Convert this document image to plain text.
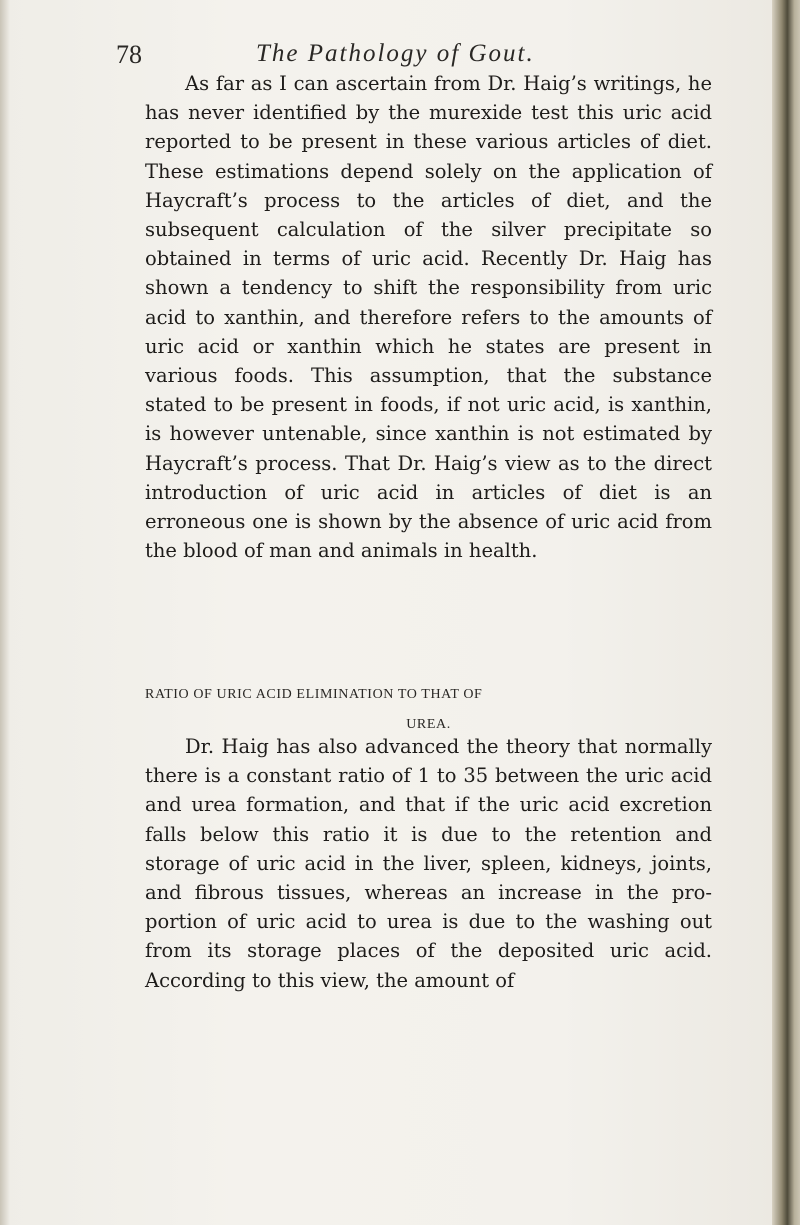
78	The Pathology of Gout.

As far as I can ascertain from Dr. Haig’s writings, he has never identified by the murexide test this uric acid reported to be present in these various articles of diet. These estimations depend solely on the application of Haycraft’s process to the articles of diet, and the subsequent calculation of the silver precipitate so obtained in terms of uric acid. Recently Dr. Haig has shown a tendency to shift the responsibility from uric acid to xanthin, and therefore refers to the amounts of uric acid or xanthin which he states are present in various foods. This assumption, that the substance stated to be present in foods, if not uric acid, is xanthin, is however untenable, since xanthin is not estimated by Haycraft’s process. That Dr. Haig’s view as to the direct introduction of uric acid in articles of diet is an erroneous one is shown by the absence of uric acid from the blood of man and animals in health.

RATIO OF URIC ACID ELIMINATION TO THAT OF
UREA.

Dr. Haig has also advanced the theory that normally there is a constant ratio of 1 to 35 between the uric acid and urea formation, and that if the uric acid excretion falls below this ratio it is due to the retention and storage of uric acid in the liver, spleen, kidneys, joints, and fibrous tissues, whereas an increase in the proportion of uric acid to urea is due to the washing out from its storage places of the deposited uric acid. According to this view, the amount of
